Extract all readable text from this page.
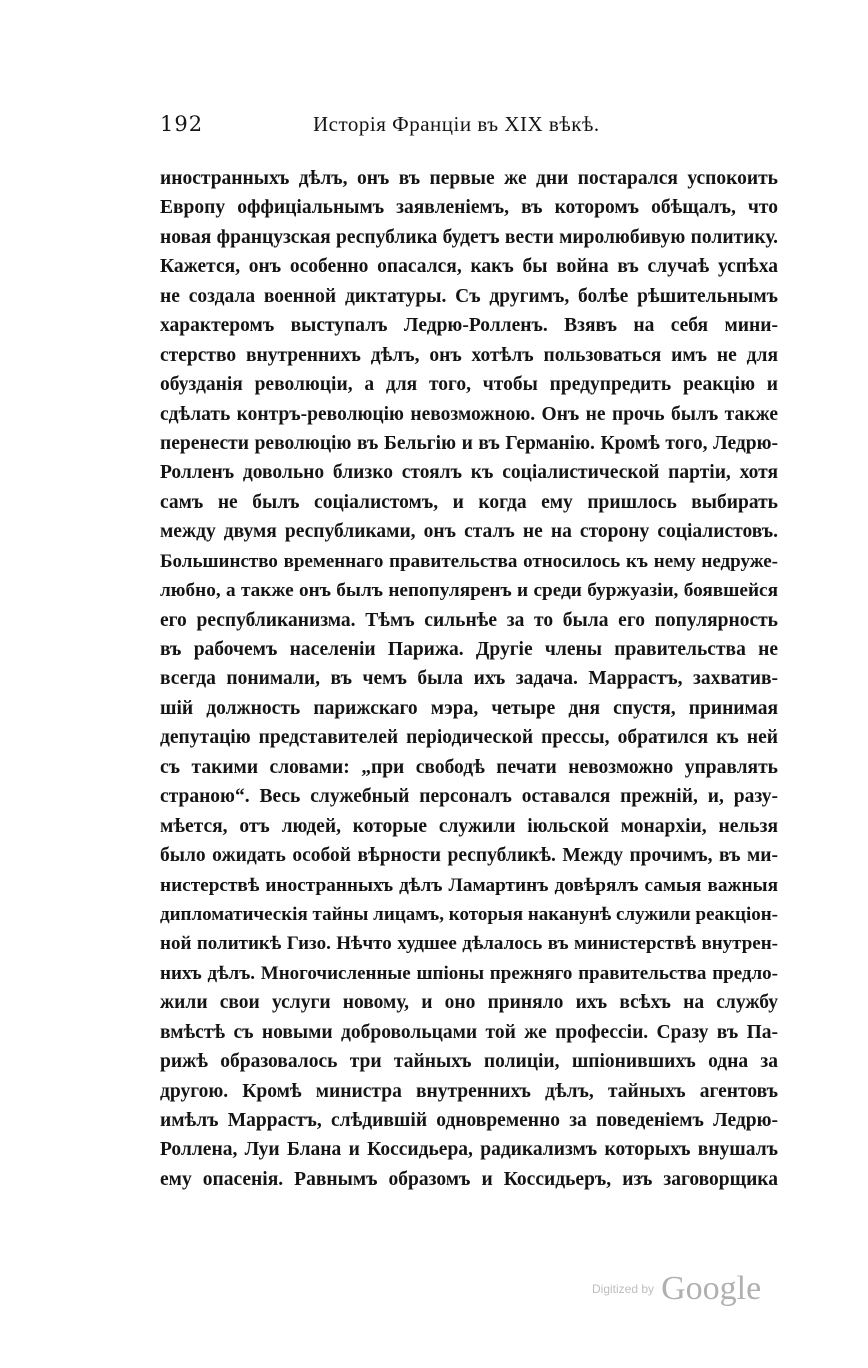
192	Исторія Франціи въ XIX вѣкѣ.
иностранныхъ дѣлъ, онъ въ первые же дни постарался успокоить
Европу оффиціальнымъ заявленіемъ, въ которомъ обѣщалъ, что
новая французская республика будетъ вести миролюбивую политику.
Кажется, онъ особенно опасался, какъ бы война въ случаѣ успѣха
не создала военной диктатуры. Съ другимъ, болѣе рѣшительнымъ
характеромъ выступалъ Ледрю-Ролленъ. Взявъ на себя мини-
стерство внутреннихъ дѣлъ, онъ хотѣлъ пользоваться имъ не для
обузданія революціи, а для того, чтобы предупредить реакцію и
сдѣлать контръ-революцію невозможною. Онъ не прочь былъ также
перенести революцію въ Бельгію и въ Германію. Кромѣ того, Ледрю-
Ролленъ довольно близко стоялъ къ соціалистической партіи, хотя
самъ не былъ соціалистомъ, и когда ему пришлось выбирать
между двумя республиками, онъ сталъ не на сторону соціалистовъ.
Большинство временнаго правительства относилось къ нему недруже-
любно, а также онъ былъ непопуляренъ и среди буржуазіи, боявшейся
его республиканизма. Тѣмъ сильнѣе за то была его популярность
въ рабочемъ населеніи Парижа. Другіе члены правительства не
всегда понимали, въ чемъ была ихъ задача. Маррастъ, захватив-
шій должность парижскаго мэра, четыре дня спустя, принимая
депутацію представителей періодической прессы, обратился къ ней
съ такими словами: „при свободѣ печати невозможно управлять
страною“. Весь служебный персоналъ оставался прежній, и, разу-
мѣется, отъ людей, которые служили іюльской монархіи, нельзя
было ожидать особой вѣрности республикѣ. Между прочимъ, въ ми-
нистерствѣ иностранныхъ дѣлъ Ламартинъ довѣрялъ самыя важныя
дипломатическія тайны лицамъ, которыя наканунѣ служили реакціон-
ной политикѣ Гизо. Нѣчто худшее дѣлалось въ министерствѣ внутрен-
нихъ дѣлъ. Многочисленные шпіоны прежняго правительства предло-
жили свои услуги новому, и оно приняло ихъ всѣхъ на службу
вмѣстѣ съ новыми добровольцами той же профессіи. Сразу въ Па-
рижѣ образовалось три тайныхъ полиціи, шпіонившихъ одна за
другою. Кромѣ министра внутреннихъ дѣлъ, тайныхъ агентовъ
имѣлъ Маррастъ, слѣдившій одновременно за поведеніемъ Ледрю-
Роллена, Луи Блана и Коссидьера, радикализмъ которыхъ внушалъ
ему опасенія. Равнымъ образомъ и Коссидьеръ, изъ заговорщика
$^{Digitized by}$ Google
